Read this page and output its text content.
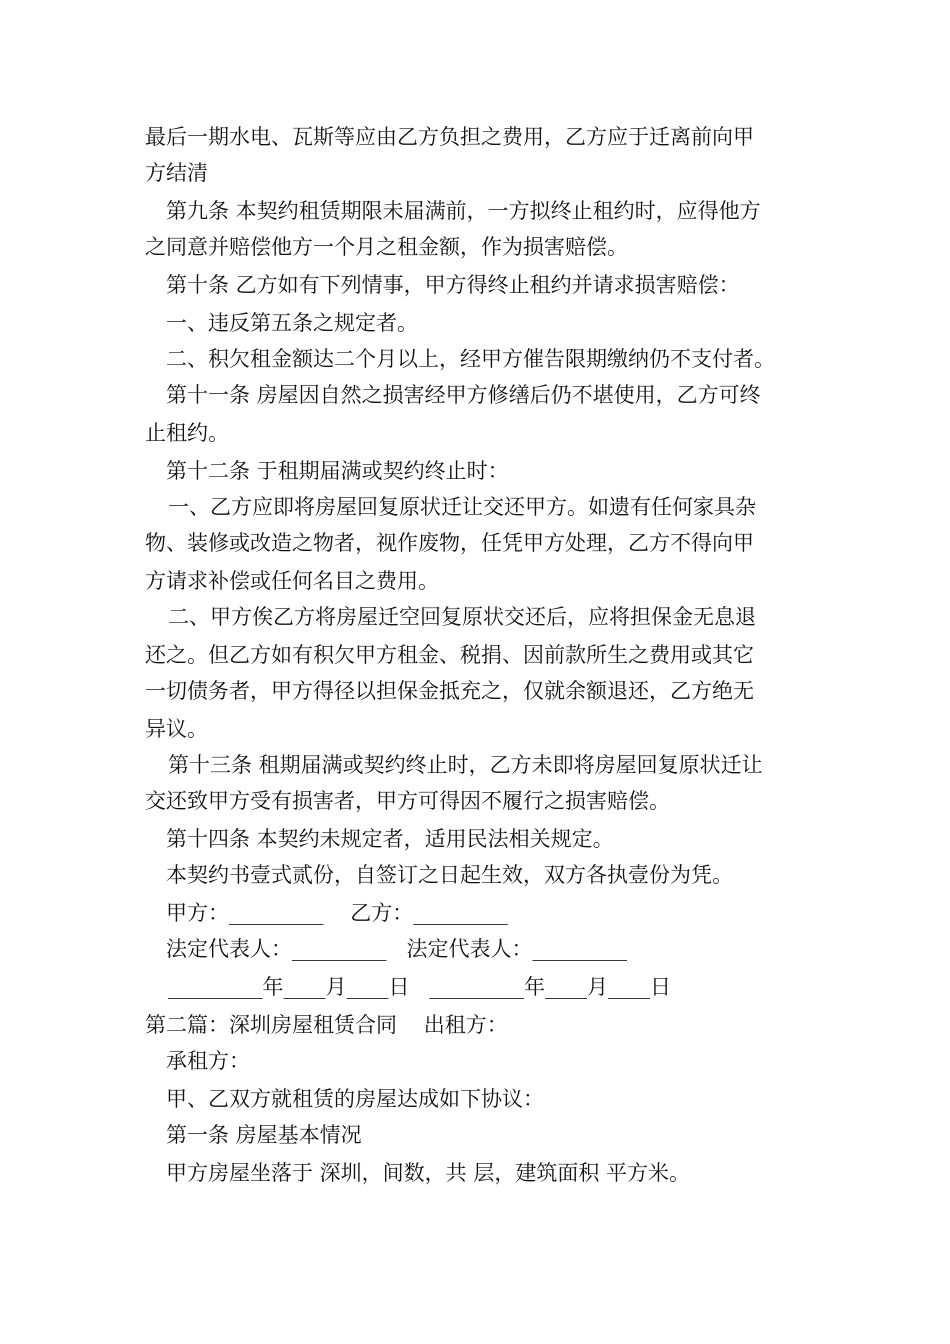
最后一期水电、瓦斯等应由乙方负担之费用，乙方应于迁离前向甲
方结清
第九条 本契约租赁期限未届满前，一方拟终止租约时，应得他方
之同意并赔偿他方一个月之租金额，作为损害赔偿。
第十条 乙方如有下列情事，甲方得终止租约并请求损害赔偿：
一、违反第五条之规定者。
二、积欠租金额达二个月以上，经甲方催告限期缴纳仍不支付者。
第十一条 房屋因自然之损害经甲方修缮后仍不堪使用，乙方可终
止租约。
第十二条 于租期届满或契约终止时：
一、乙方应即将房屋回复原状迁让交还甲方。如遗有任何家具杂
物、装修或改造之物者，视作废物，任凭甲方处理，乙方不得向甲
方请求补偿或任何名目之费用。
二、甲方俟乙方将房屋迁空回复原状交还后，应将担保金无息退
还之。但乙方如有积欠甲方租金、税捐、因前款所生之费用或其它
一切债务者，甲方得径以担保金抵充之，仅就余额退还，乙方绝无
异议。
第十三条 租期届满或契约终止时，乙方未即将房屋回复原状迁让
交还致甲方受有损害者，甲方可得因不履行之损害赔偿。
第十四条 本契约未规定者，适用民法相关规定。
本契约书壹式贰份，自签订之日起生效，双方各执壹份为凭。
甲方：_________    乙方：_________
法定代表人：_________   法定代表人：_________
_________年____月____日   _________年____月____日
第二篇：深圳房屋租赁合同    出租方：
承租方：
甲、乙双方就租赁的房屋达成如下协议：
第一条 房屋基本情况
甲方房屋坐落于 深圳，间数，共 层，建筑面积 平方米。
